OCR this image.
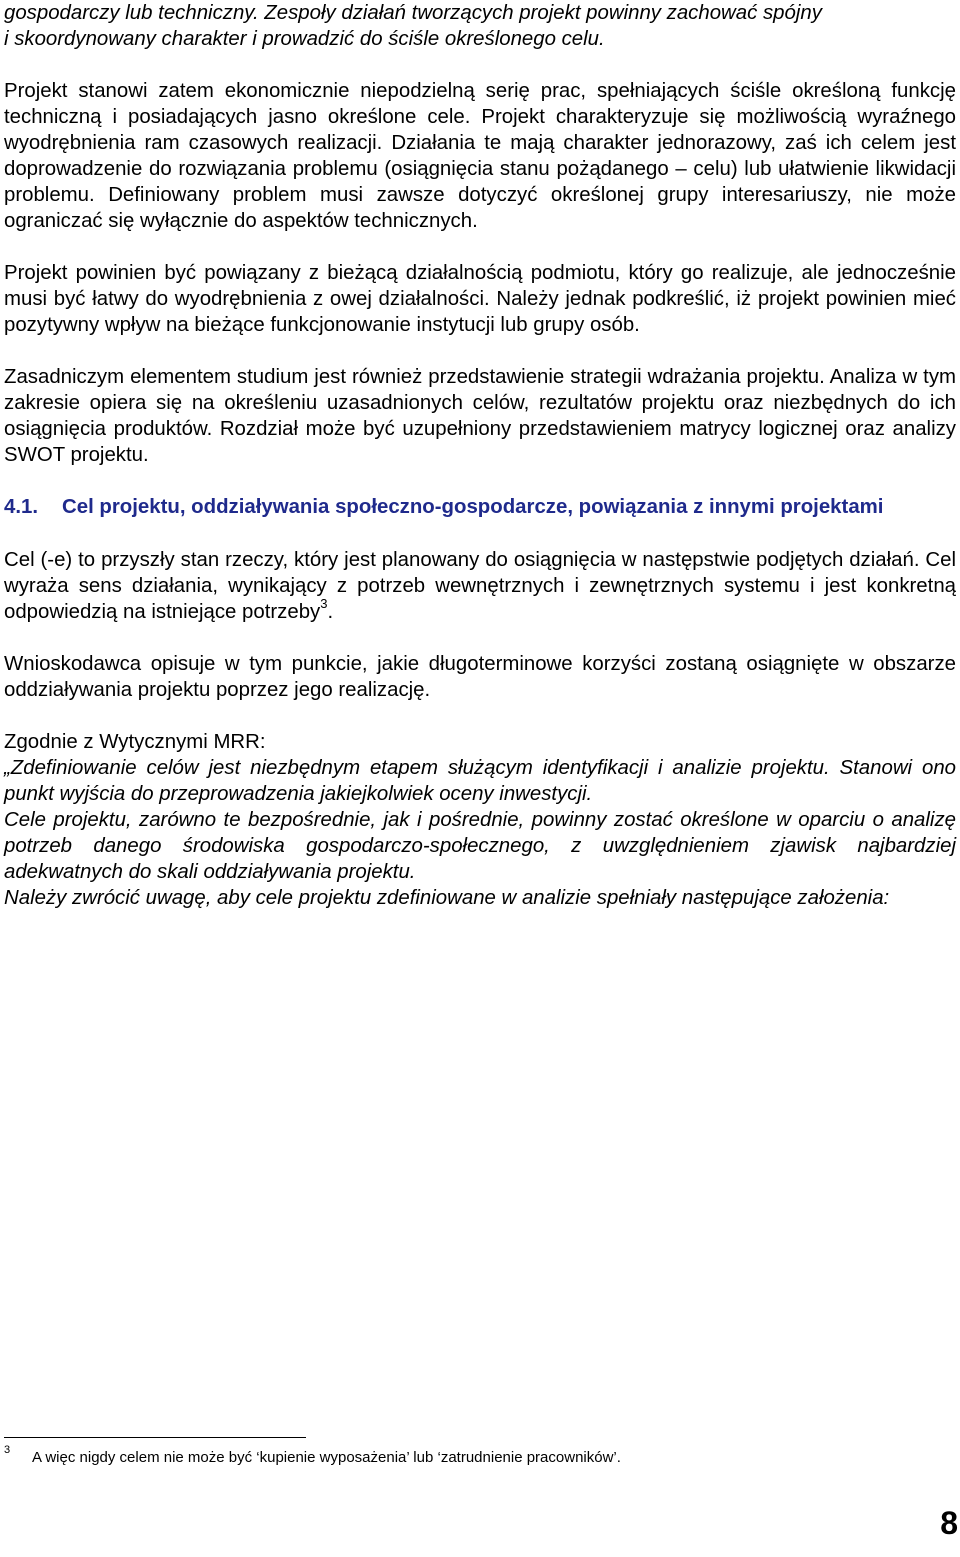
gospodarczy lub techniczny. Zespoły działań tworzących projekt powinny zachować spójny

i skoordynowany charakter i prowadzić do ściśle określonego celu.

Projekt stanowi zatem ekonomicznie niepodzielną serię prac, spełniających ściśle określoną funkcję techniczną i posiadających jasno określone cele. Projekt charakteryzuje się możliwością wyraźnego wyodrębnienia ram czasowych realizacji. Działania te mają charakter jednorazowy, zaś ich celem jest doprowadzenie do rozwiązania problemu (osiągnięcia stanu pożądanego – celu) lub ułatwienie likwidacji problemu. Definiowany problem musi zawsze dotyczyć określonej grupy interesariuszy, nie może ograniczać się wyłącznie do aspektów technicznych.

Projekt powinien być powiązany z bieżącą działalnością podmiotu, który go realizuje, ale jednocześnie musi być łatwy do wyodrębnienia z owej działalności. Należy jednak podkreślić, iż projekt powinien mieć pozytywny wpływ na bieżące funkcjonowanie instytucji lub grupy osób.

Zasadniczym elementem studium jest również przedstawienie strategii wdrażania projektu. Analiza w tym zakresie opiera się na określeniu uzasadnionych celów, rezultatów projektu oraz niezbędnych do ich osiągnięcia produktów. Rozdział może być uzupełniony przedstawieniem matrycy logicznej oraz analizy SWOT projektu.

4.1.	Cel projektu, oddziaływania społeczno-gospodarcze, powiązania z innymi projektami

Cel (-e) to przyszły stan rzeczy, który jest planowany do osiągnięcia w następstwie podjętych działań. Cel wyraża sens działania, wynikający z potrzeb wewnętrznych i zewnętrznych systemu i jest konkretną odpowiedzią na istniejące potrzeby$^3$.

Wnioskodawca opisuje w tym punkcie, jakie długoterminowe korzyści zostaną osiągnięte w obszarze oddziaływania projektu poprzez jego realizację.

Zgodnie z Wytycznymi MRR:

„Zdefiniowanie celów jest niezbędnym etapem służącym identyfikacji i analizie projektu. Stanowi ono punkt wyjścia do przeprowadzenia jakiejkolwiek oceny inwestycji.

Cele projektu, zarówno te bezpośrednie, jak i pośrednie, powinny zostać określone w oparciu o analizę potrzeb danego środowiska gospodarczo-społecznego, z uwzględnieniem zjawisk najbardziej adekwatnych do skali oddziaływania projektu.

Należy zwrócić uwagę, aby cele projektu zdefiniowane w analizie spełniały następujące założenia:

3	A więc nigdy celem nie może być ‘kupienie wyposażenia’ lub ‘zatrudnienie pracowników’.
8
